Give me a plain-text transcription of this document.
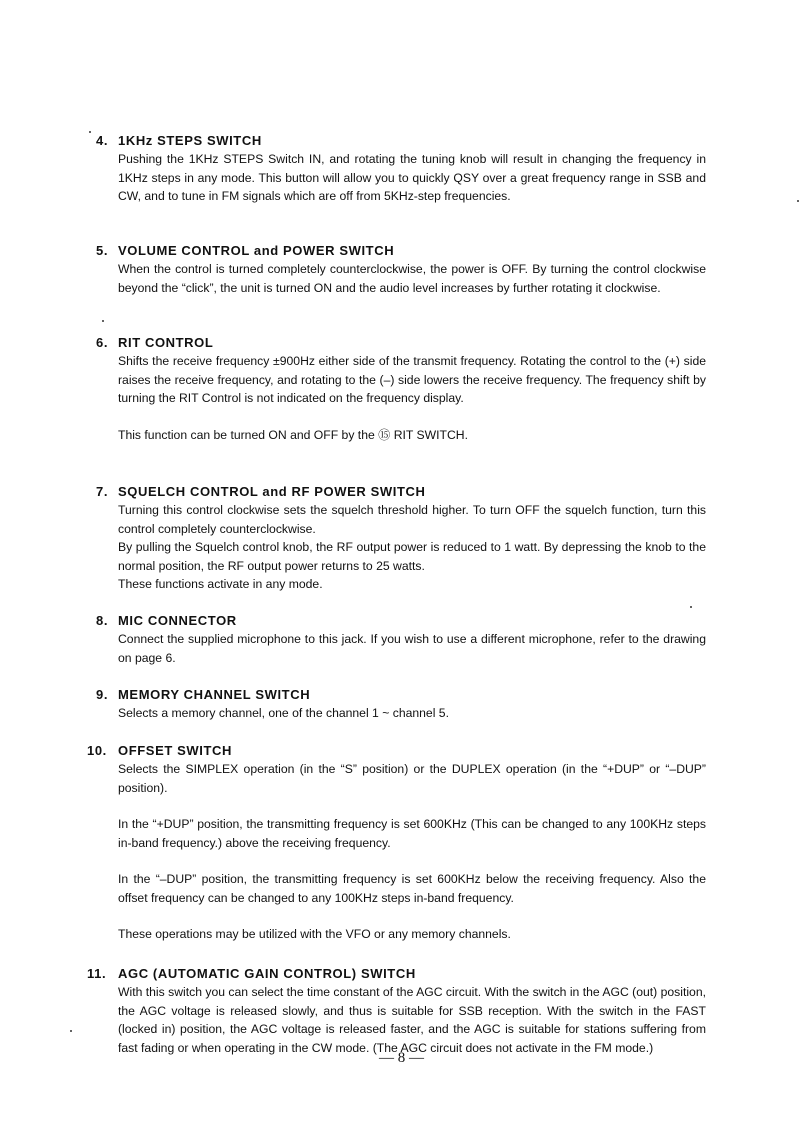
4. 1KHz STEPS SWITCH
Pushing the 1KHz STEPS Switch IN, and rotating the tuning knob will result in changing the frequency in 1KHz steps in any mode. This button will allow you to quickly QSY over a great frequency range in SSB and CW, and to tune in FM signals which are off from 5KHz-step frequencies.
5. VOLUME CONTROL and POWER SWITCH
When the control is turned completely counterclockwise, the power is OFF. By turning the control clockwise beyond the “click”, the unit is turned ON and the audio level increases by further rotating it clockwise.
6. RIT CONTROL
Shifts the receive frequency ±900Hz either side of the transmit frequency. Rotating the control to the (+) side raises the receive frequency, and rotating to the (–) side lowers the receive frequency. The frequency shift by turning the RIT Control is not indicated on the frequency display.
This function can be turned ON and OFF by the ⑮ RIT SWITCH.
7. SQUELCH CONTROL and RF POWER SWITCH
Turning this control clockwise sets the squelch threshold higher. To turn OFF the squelch function, turn this control completely counterclockwise.
By pulling the Squelch control knob, the RF output power is reduced to 1 watt. By depressing the knob to the normal position, the RF output power returns to 25 watts.
These functions activate in any mode.
8. MIC CONNECTOR
Connect the supplied microphone to this jack. If you wish to use a different microphone, refer to the drawing on page 6.
9. MEMORY CHANNEL SWITCH
Selects a memory channel, one of the channel 1 ~ channel 5.
10. OFFSET SWITCH
Selects the SIMPLEX operation (in the “S” position) or the DUPLEX operation (in the “+DUP” or “–DUP” position).
In the “+DUP” position, the transmitting frequency is set 600KHz (This can be changed to any 100KHz steps in-band frequency.) above the receiving frequency.
In the “–DUP” position, the transmitting frequency is set 600KHz below the receiving frequency. Also the offset frequency can be changed to any 100KHz steps in-band frequency.
These operations may be utilized with the VFO or any memory channels.
11. AGC (AUTOMATIC GAIN CONTROL) SWITCH
With this switch you can select the time constant of the AGC circuit. With the switch in the AGC (out) position, the AGC voltage is released slowly, and thus is suitable for SSB reception. With the switch in the FAST (locked in) position, the AGC voltage is released faster, and the AGC is suitable for stations suffering from fast fading or when operating in the CW mode. (The AGC circuit does not activate in the FM mode.)
— 8 —
